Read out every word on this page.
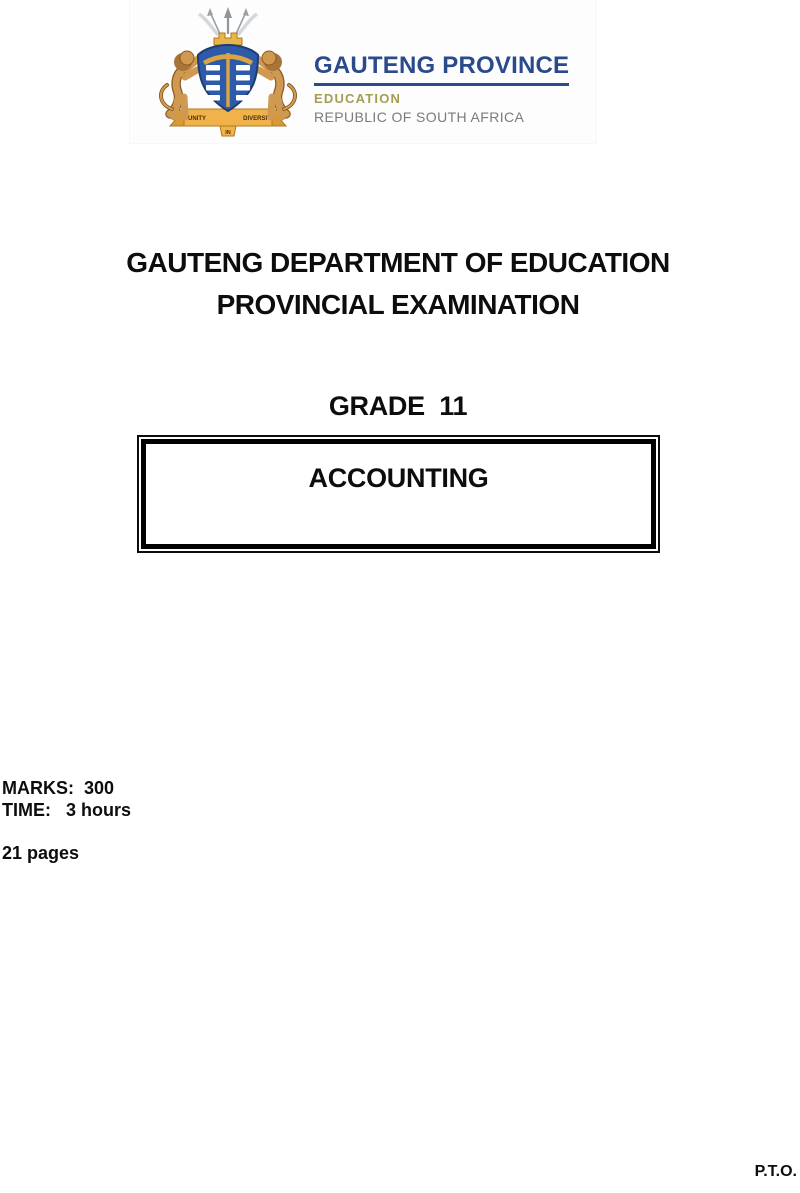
UNITY	DIVERSITY
IN
GAUTENG PROVINCE
EDUCATION
REPUBLIC OF SOUTH AFRICA
GAUTENG DEPARTMENT OF EDUCATION
PROVINCIAL EXAMINATION
GRADE  11
ACCOUNTING
MARKS:  300
TIME:   3 hours
21 pages
P.T.O.
